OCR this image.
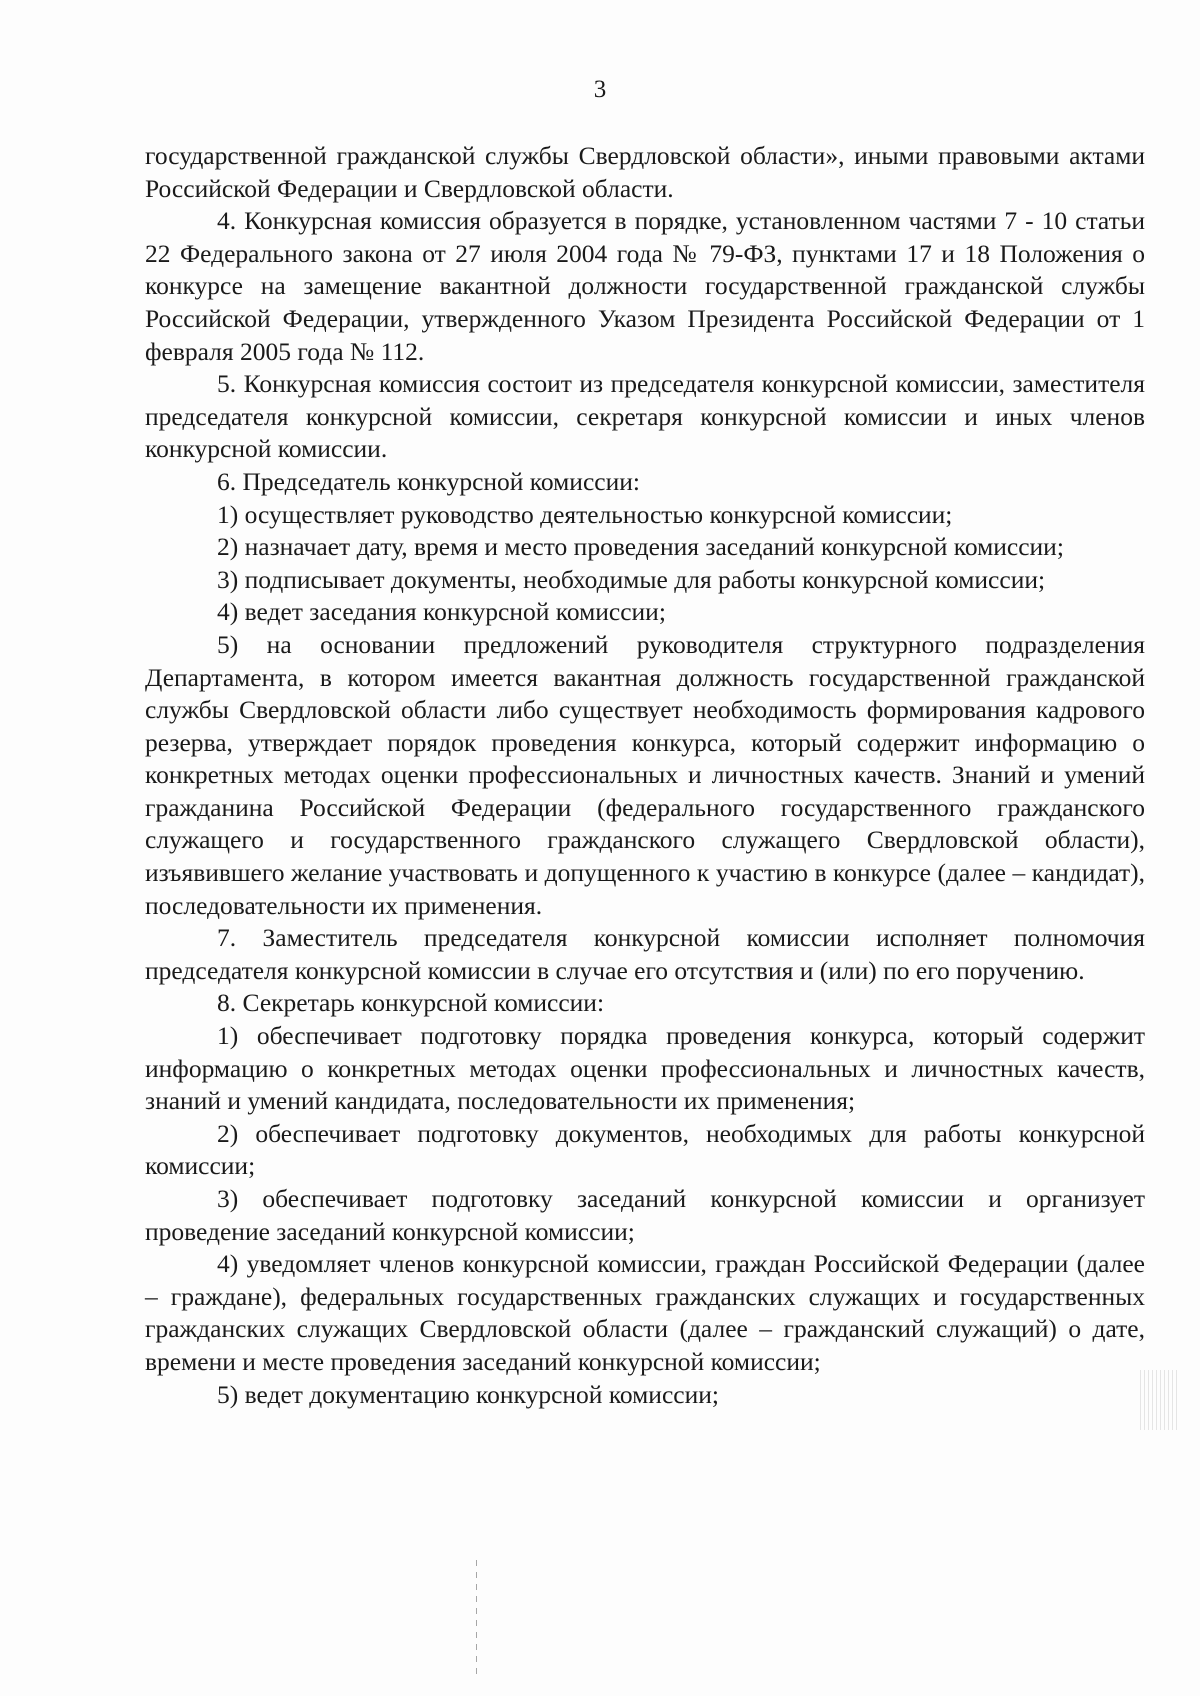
3

государственной гражданской службы Свердловской области», иными правовыми актами Российской Федерации и Свердловской области.

4. Конкурсная комиссия образуется в порядке, установленном частями 7 - 10 статьи 22 Федерального закона от 27 июля 2004 года № 79-ФЗ, пунктами 17 и 18 Положения о конкурсе на замещение вакантной должности государственной гражданской службы Российской Федерации, утвержденного Указом Президента Российской Федерации от 1 февраля 2005 года № 112.

5. Конкурсная комиссия состоит из председателя конкурсной комиссии, заместителя председателя конкурсной комиссии, секретаря конкурсной комиссии и иных членов конкурсной комиссии.

6. Председатель конкурсной комиссии:

1) осуществляет руководство деятельностью конкурсной комиссии;

2) назначает дату, время и место проведения заседаний конкурсной комиссии;

3) подписывает документы, необходимые для работы конкурсной комиссии;

4) ведет заседания конкурсной комиссии;

5) на основании предложений руководителя структурного подразделения Департамента, в котором имеется вакантная должность государственной гражданской службы Свердловской области либо существует необходимость формирования кадрового резерва, утверждает порядок проведения конкурса, который содержит информацию о конкретных методах оценки профессиональных и личностных качеств. Знаний и умений гражданина Российской Федерации (федерального государственного гражданского служащего и государственного гражданского служащего Свердловской области), изъявившего желание участвовать и допущенного к участию в конкурсе (далее – кандидат), последовательности их применения.

7. Заместитель председателя конкурсной комиссии исполняет полномочия председателя конкурсной комиссии в случае его отсутствия и (или) по его поручению.

8. Секретарь конкурсной комиссии:

1) обеспечивает подготовку порядка проведения конкурса, который содержит информацию о конкретных методах оценки профессиональных и личностных качеств, знаний и умений кандидата, последовательности их применения;

2) обеспечивает подготовку документов, необходимых для работы конкурсной комиссии;

3) обеспечивает подготовку заседаний конкурсной комиссии и организует проведение заседаний конкурсной комиссии;

4) уведомляет членов конкурсной комиссии, граждан Российской Федерации (далее – граждане), федеральных государственных гражданских служащих и государственных гражданских служащих Свердловской области (далее – гражданский служащий) о дате, времени и месте проведения заседаний конкурсной комиссии;

5) ведет документацию конкурсной комиссии;
